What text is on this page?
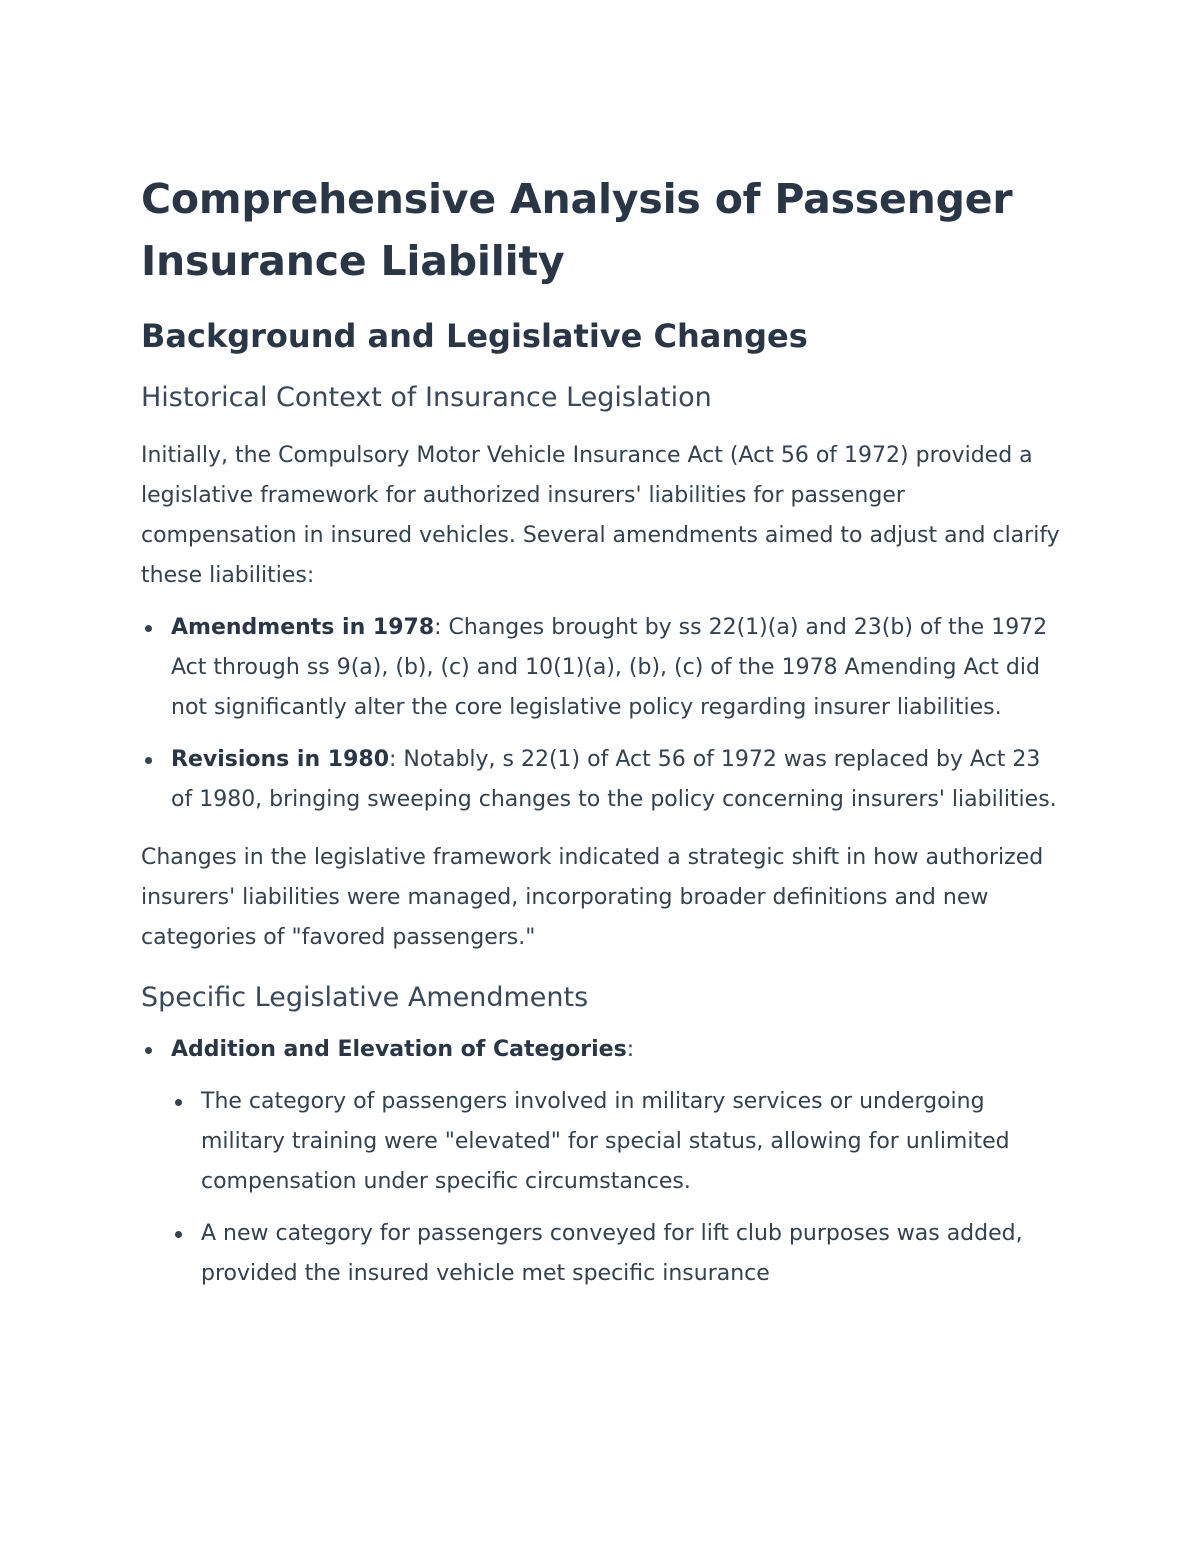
Comprehensive Analysis of Passenger Insurance Liability
Background and Legislative Changes
Historical Context of Insurance Legislation

Initially, the Compulsory Motor Vehicle Insurance Act (Act 56 of 1972) provided a legislative framework for authorized insurers' liabilities for passenger compensation in insured vehicles. Several amendments aimed to adjust and clarify these liabilities:

Amendments in 1978: Changes brought by ss 22(1)(a) and 23(b) of the 1972 Act through ss 9(a), (b), (c) and 10(1)(a), (b), (c) of the 1978 Amending Act did not significantly alter the core legislative policy regarding insurer liabilities.
Revisions in 1980: Notably, s 22(1) of Act 56 of 1972 was replaced by Act 23 of 1980, bringing sweeping changes to the policy concerning insurers' liabilities.

Changes in the legislative framework indicated a strategic shift in how authorized insurers' liabilities were managed, incorporating broader definitions and new categories of "favored passengers."

Specific Legislative Amendments
Addition and Elevation of Categories:
The category of passengers involved in military services or undergoing military training were "elevated" for special status, allowing for unlimited compensation under specific circumstances.
A new category for passengers conveyed for lift club purposes was added, provided the insured vehicle met specific insurance
